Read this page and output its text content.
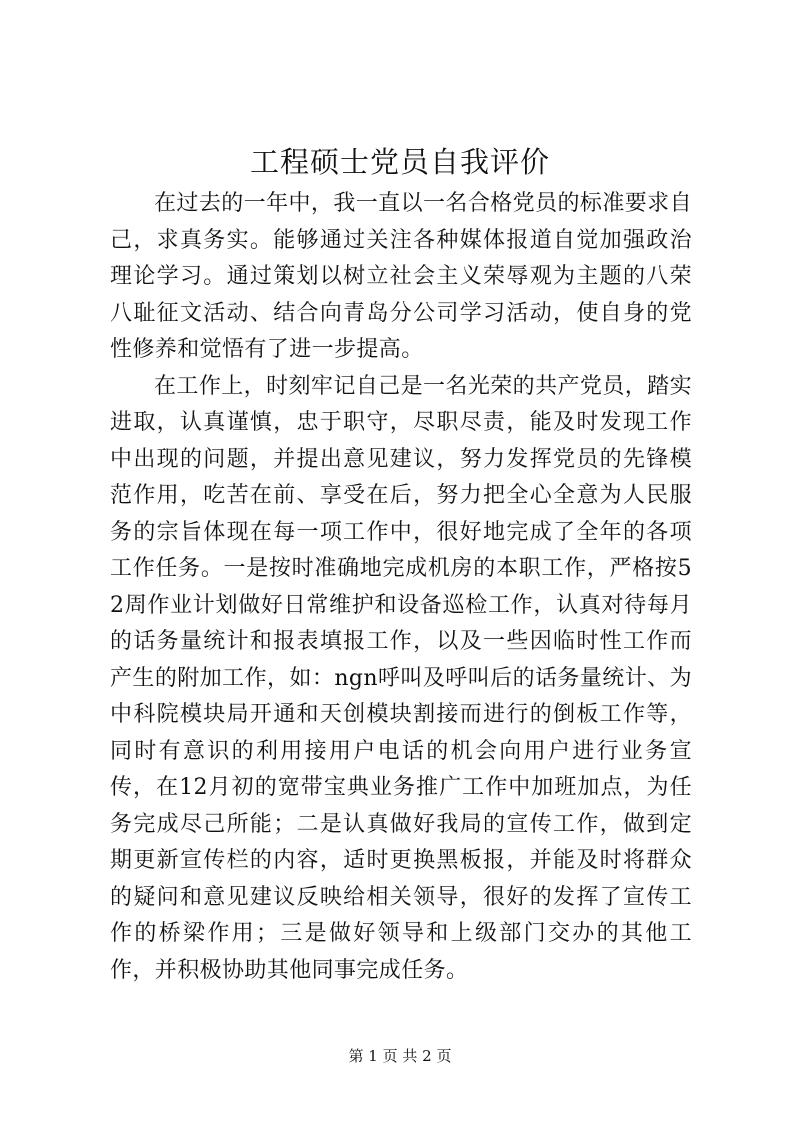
工程硕士党员自我评价

在过去的一年中，我一直以一名合格党员的标准要求自己，求真务实。能够通过关注各种媒体报道自觉加强政治理论学习。通过策划以树立社会主义荣辱观为主题的八荣八耻征文活动、结合向青岛分公司学习活动，使自身的党性修养和觉悟有了进一步提高。

在工作上，时刻牢记自己是一名光荣的共产党员，踏实进取，认真谨慎，忠于职守，尽职尽责，能及时发现工作中出现的问题，并提出意见建议，努力发挥党员的先锋模范作用，吃苦在前、享受在后，努力把全心全意为人民服务的宗旨体现在每一项工作中，很好地完成了全年的各项工作任务。一是按时准确地完成机房的本职工作，严格按52周作业计划做好日常维护和设备巡检工作，认真对待每月的话务量统计和报表填报工作，以及一些因临时性工作而产生的附加工作，如：ngn呼叫及呼叫后的话务量统计、为中科院模块局开通和天创模块割接而进行的倒板工作等，同时有意识的利用接用户电话的机会向用户进行业务宣传，在12月初的宽带宝典业务推广工作中加班加点，为任务完成尽己所能；二是认真做好我局的宣传工作，做到定期更新宣传栏的内容，适时更换黑板报，并能及时将群众的疑问和意见建议反映给相关领导，很好的发挥了宣传工作的桥梁作用；三是做好领导和上级部门交办的其他工作，并积极协助其他同事完成任务。

第 1 页 共 2 页
